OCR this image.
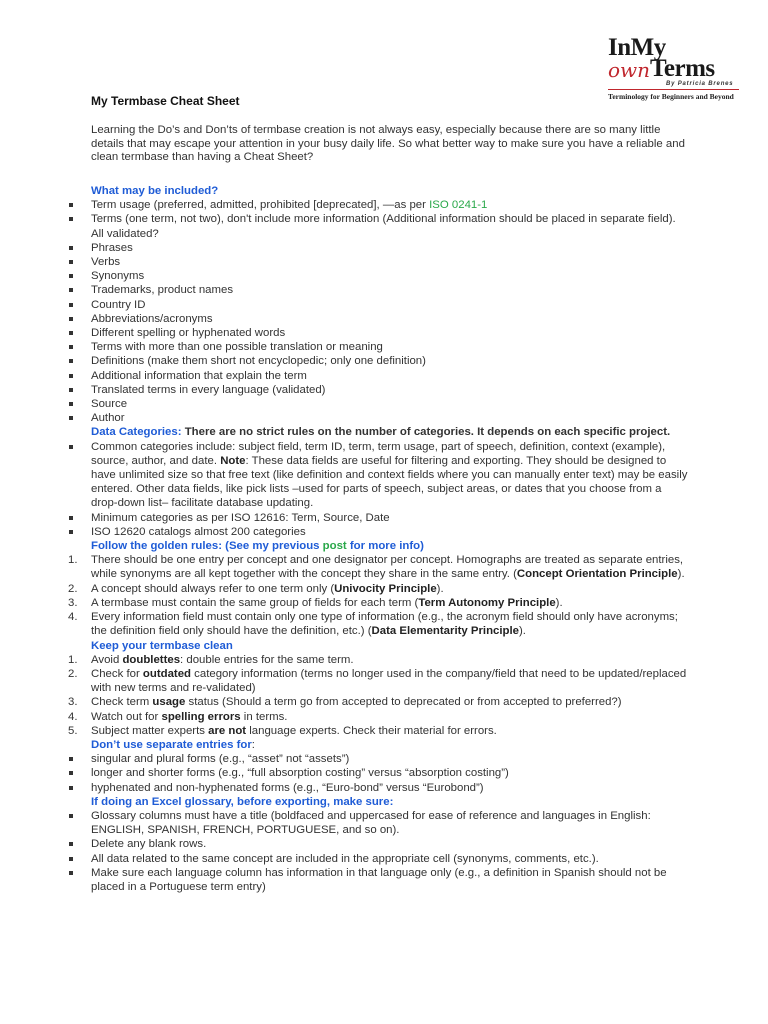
InMy
own Terms
By Patricia Brenes
Terminology for Beginners and Beyond
My Termbase Cheat Sheet
Learning the Do’s and Don’ts of termbase creation is not always easy, especially because there are so many little details that may escape your attention in your busy daily life. So what better way to make sure you have a reliable and clean termbase than having a Cheat Sheet?
What may be included?
Term usage (preferred, admitted, prohibited [deprecated], —as per ISO 0241-1
Terms (one term, not two), don't include more information (Additional information should be placed in separate field). All validated?
Phrases
Verbs
Synonyms
Trademarks, product names
Country ID
Abbreviations/acronyms
Different spelling or hyphenated words
Terms with more than one possible translation or meaning
Definitions (make them short not encyclopedic; only one definition)
Additional information that explain the term
Translated terms in every language (validated)
Source
Author
Data Categories: There are no strict rules on the number of categories. It depends on each specific project.
Common categories include: subject field, term ID, term, term usage, part of speech, definition, context (example), source, author, and date. Note: These data fields are useful for filtering and exporting. They should be designed to have unlimited size so that free text (like definition and context fields where you can manually enter text) may be easily entered. Other data fields, like pick lists –used for parts of speech, subject areas, or dates that you choose from a drop-down list– facilitate database updating.
Minimum categories as per ISO 12616: Term, Source, Date
ISO 12620 catalogs almost 200 categories
Follow the golden rules: (See my previous post for more info)
1.	There should be one entry per concept and one designator per concept. Homographs are treated as separate entries, while synonyms are all kept together with the concept they share in the same entry. (Concept Orientation Principle).
2.	A concept should always refer to one term only (Univocity Principle).
3.	A termbase must contain the same group of fields for each term (Term Autonomy Principle).
4.	Every information field must contain only one type of information (e.g., the acronym field should only have acronyms; the definition field only should have the definition, etc.) (Data Elementarity Principle).
Keep your termbase clean
1.	Avoid doublettes: double entries for the same term.
2.	Check for outdated category information (terms no longer used in the company/field that need to be updated/replaced with new terms and re-validated)
3.	Check term usage status (Should a term go from accepted to deprecated or from accepted to preferred?)
4.	Watch out for spelling errors in terms.
5.	Subject matter experts are not language experts. Check their material for errors.
Don’t use separate entries for:
singular and plural forms (e.g., “asset” not “assets”)
longer and shorter forms (e.g., “full absorption costing” versus “absorption costing”)
hyphenated and non-hyphenated forms (e.g., “Euro-bond” versus “Eurobond”)
If doing an Excel glossary, before exporting, make sure:
Glossary columns must have a title (boldfaced and uppercased for ease of reference and languages in English: ENGLISH, SPANISH, FRENCH, PORTUGUESE, and so on).
Delete any blank rows.
All data related to the same concept are included in the appropriate cell (synonyms, comments, etc.).
Make sure each language column has information in that language only (e.g., a definition in Spanish should not be placed in a Portuguese term entry)
